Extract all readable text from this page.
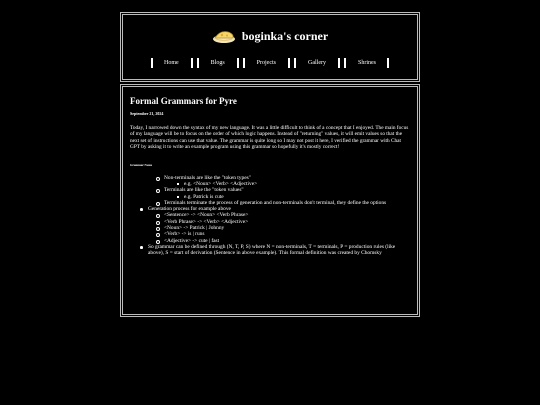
boginka's corner
Home	Blogs	Projects	Gallery	Shrines
Formal Grammars for Pyre
September 21, 2024

Today, I narrowed down the syntax of my new language. It was a little difficult to think of a concept that I enjoyed. The main focus of my language will be to focus on the order of which logic happens. Instead of "returning" values, it will emit values so that the next set of instructions can use that value. The grammar is quite long so I may not post it here, I verified the grammar with Chat GPT by asking it to write an example program using this grammar so hopefully it's mostly correct!

Grammar Notes
Non-terminals are like the "token types"
e.g. <Noun> <Verb> <Adjective>
Terminals are like the "token values"
e.g. Patrick is cute
Terminals terminate the process of generation and non-terminals don't terminal, they define the options
Generation process for example above
<Sentence> -> <Noun> <Verb Phrase>
<Verb Phrase> -> <Verb> <Adjective>
<Noun> -> Patrick | Johnny
<Verb> -> is | runs
<Adjective> -> cute | fast
So grammar can be defined through (N, T, P, S) where N = non-terminals, T = terminals, P = production rules (like above), S = start of derivation (Sentence in above example). This formal definition was created by Chomsky
